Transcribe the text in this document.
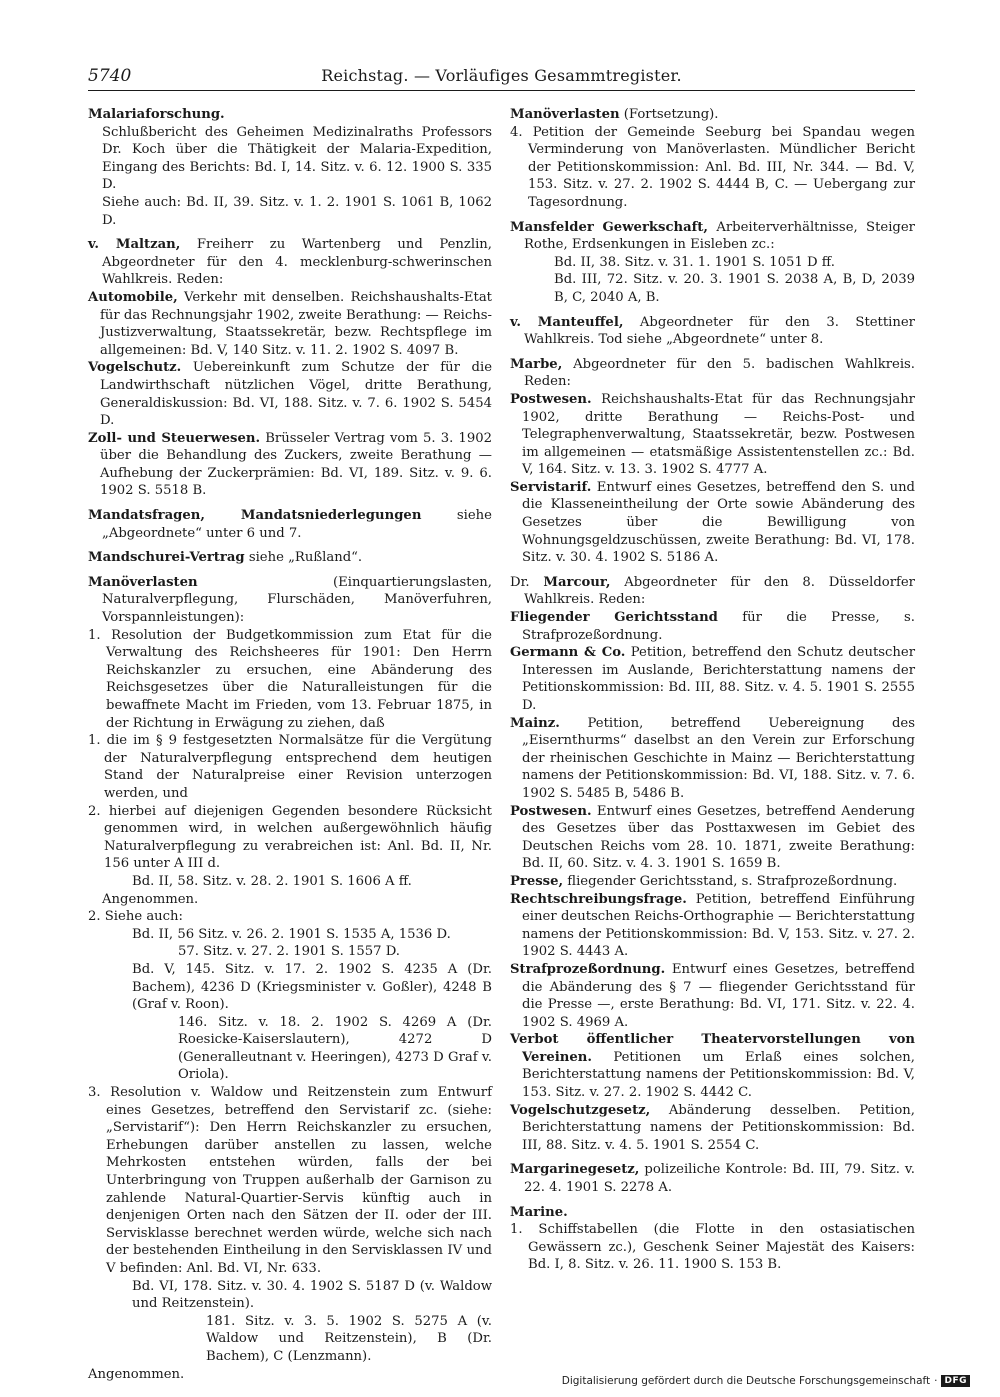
5740	Reichstag. — Vorläufiges Gesammtregister.

Malariaforschung.

Schlußbericht des Geheimen Medizinalraths Professors Dr. Koch über die Thätigkeit der Malaria-Expedition, Eingang des Berichts: Bd. I, 14. Sitz. v. 6. 12. 1900 S. 335 D.

Siehe auch: Bd. II, 39. Sitz. v. 1. 2. 1901 S. 1061 B, 1062 D.

v. Maltzan, Freiherr zu Wartenberg und Penzlin, Abgeordneter für den 4. mecklenburg-schwerinschen Wahlkreis. Reden:

Automobile, Verkehr mit denselben. Reichshaushalts-Etat für das Rechnungsjahr 1902, zweite Berathung: — Reichs-Justizverwaltung, Staatssekretär, bezw. Rechtspflege im allgemeinen: Bd. V, 140 Sitz. v. 11. 2. 1902 S. 4097 B.

Vogelschutz. Uebereinkunft zum Schutze der für die Landwirthschaft nützlichen Vögel, dritte Berathung, Generaldiskussion: Bd. VI, 188. Sitz. v. 7. 6. 1902 S. 5454 D.

Zoll- und Steuerwesen. Brüsseler Vertrag vom 5. 3. 1902 über die Behandlung des Zuckers, zweite Berathung — Aufhebung der Zuckerprämien: Bd. VI, 189. Sitz. v. 9. 6. 1902 S. 5518 B.

Mandatsfragen, Mandatsniederlegungen	siehe „Abgeordnete“ unter 6 und 7.

Mandschurei-Vertrag siehe „Rußland“.

Manöverlasten	(Einquartierungslasten, Naturalverpflegung, Flurschäden, Manöverfuhren, Vorspannleistungen):

1. Resolution der Budgetkommission zum Etat für die Verwaltung des Reichsheeres für 1901: Den Herrn Reichskanzler zu ersuchen, eine Abänderung des Reichsgesetzes über die Naturalleistungen für die bewaffnete Macht im Frieden, vom 13. Februar 1875, in der Richtung in Erwägung zu ziehen, daß

1. die im § 9 festgesetzten Normalsätze für die Vergütung der Naturalverpflegung entsprechend dem heutigen Stand der Naturalpreise einer Revision unterzogen werden, und

2. hierbei auf diejenigen Gegenden besondere Rücksicht genommen wird, in welchen außergewöhnlich häufig Naturalverpflegung zu verabreichen ist: Anl. Bd. II, Nr. 156 unter A III d.

Bd. II, 58. Sitz. v. 28. 2. 1901 S. 1606 A ff.

Angenommen.

2. Siehe auch:

Bd. II, 56 Sitz. v. 26. 2. 1901 S. 1535 A, 1536 D.

57. Sitz. v. 27. 2. 1901 S. 1557 D.

Bd. V, 145. Sitz. v. 17. 2. 1902 S. 4235 A (Dr. Bachem), 4236 D (Kriegsminister v. Goßler), 4248 B (Graf v. Roon).

146. Sitz. v. 18. 2. 1902 S. 4269 A (Dr. Roesicke-Kaiserslautern), 4272 D (Generalleutnant v. Heeringen), 4273 D Graf v. Oriola).

3. Resolution v. Waldow und Reitzenstein zum Entwurf eines Gesetzes, betreffend den Servistarif zc. (siehe: „Servistarif“): Den Herrn Reichskanzler zu ersuchen, Erhebungen darüber anstellen zu lassen, welche Mehrkosten entstehen würden, falls der bei Unterbringung von Truppen außerhalb der Garnison zu zahlende Natural-Quartier-Servis künftig auch in denjenigen Orten nach den Sätzen der II. oder der III. Servisklasse berechnet werden würde, welche sich nach der bestehenden Eintheilung in den Servisklassen IV und V befinden: Anl. Bd. VI, Nr. 633.

Bd. VI, 178. Sitz. v. 30. 4. 1902 S. 5187 D (v. Waldow und Reitzenstein).

181. Sitz. v. 3. 5. 1902 S. 5275 A (v. Waldow und Reitzenstein), B (Dr. Bachem), C (Lenzmann).

Angenommen.

Manöverlasten (Fortsetzung).

4. Petition der Gemeinde Seeburg bei Spandau wegen Verminderung von Manöverlasten. Mündlicher Bericht der Petitionskommission: Anl. Bd. III, Nr. 344. — Bd. V, 153. Sitz. v. 27. 2. 1902 S. 4444 B, C. — Uebergang zur Tagesordnung.

Mansfelder Gewerkschaft, Arbeiterverhältnisse, Steiger Rothe, Erdsenkungen in Eisleben zc.:

Bd. II, 38. Sitz. v. 31. 1. 1901 S. 1051 D ff.

Bd. III, 72. Sitz. v. 20. 3. 1901 S. 2038 A, B, D, 2039 B, C, 2040 A, B.

v. Manteuffel, Abgeordneter für den 3. Stettiner Wahlkreis. Tod siehe „Abgeordnete“ unter 8.

Marbe, Abgeordneter für den 5. badischen Wahlkreis. Reden:

Postwesen. Reichshaushalts-Etat für das Rechnungsjahr 1902, dritte Berathung — Reichs-Post- und Telegraphenverwaltung, Staatssekretär, bezw. Postwesen im allgemeinen — etatsmäßige Assistentenstellen zc.: Bd. V, 164. Sitz. v. 13. 3. 1902 S. 4777 A.

Servistarif. Entwurf eines Gesetzes, betreffend den S. und die Klasseneintheilung der Orte sowie Abänderung des Gesetzes über die Bewilligung von Wohnungsgeldzuschüssen, zweite Berathung: Bd. VI, 178. Sitz. v. 30. 4. 1902 S. 5186 A.

Dr. Marcour, Abgeordneter für den 8. Düsseldorfer Wahlkreis. Reden:

Fliegender Gerichtsstand für die Presse, s. Strafprozeßordnung.

Germann & Co. Petition, betreffend den Schutz deutscher Interessen im Auslande, Berichterstattung namens der Petitionskommission: Bd. III, 88. Sitz. v. 4. 5. 1901 S. 2555 D.

Mainz. Petition, betreffend Uebereignung des „Eisernthurms“ daselbst an den Verein zur Erforschung der rheinischen Geschichte in Mainz — Berichterstattung namens der Petitionskommission: Bd. VI, 188. Sitz. v. 7. 6. 1902 S. 5485 B, 5486 B.

Postwesen. Entwurf eines Gesetzes, betreffend Aenderung des Gesetzes über das Posttaxwesen im Gebiet des Deutschen Reichs vom 28. 10. 1871, zweite Berathung: Bd. II, 60. Sitz. v. 4. 3. 1901 S. 1659 B.

Presse, fliegender Gerichtsstand, s. Strafprozeßordnung.

Rechtschreibungsfrage. Petition, betreffend Einführung einer deutschen Reichs-Orthographie — Berichterstattung namens der Petitionskommission: Bd. V, 153. Sitz. v. 27. 2. 1902 S. 4443 A.

Strafprozeßordnung. Entwurf eines Gesetzes, betreffend die Abänderung des § 7 — fliegender Gerichtsstand für die Presse —, erste Berathung: Bd. VI, 171. Sitz. v. 22. 4. 1902 S. 4969 A.

Verbot öffentlicher Theatervorstellungen von Vereinen. Petitionen um Erlaß eines solchen, Berichterstattung namens der Petitionskommission: Bd. V, 153. Sitz. v. 27. 2. 1902 S. 4442 C.

Vogelschutzgesetz, Abänderung desselben. Petition, Berichterstattung namens der Petitionskommission: Bd. III, 88. Sitz. v. 4. 5. 1901 S. 2554 C.

Margarinegesetz, polizeiliche Kontrole: Bd. III, 79. Sitz. v. 22. 4. 1901 S. 2278 A.

Marine.

1. Schiffstabellen (die Flotte in den ostasiatischen Gewässern zc.), Geschenk Seiner Majestät des Kaisers: Bd. I, 8. Sitz. v. 26. 11. 1900 S. 153 B.

Digitalisierung gefördert durch die Deutsche Forschungsgemeinschaft · DFG
